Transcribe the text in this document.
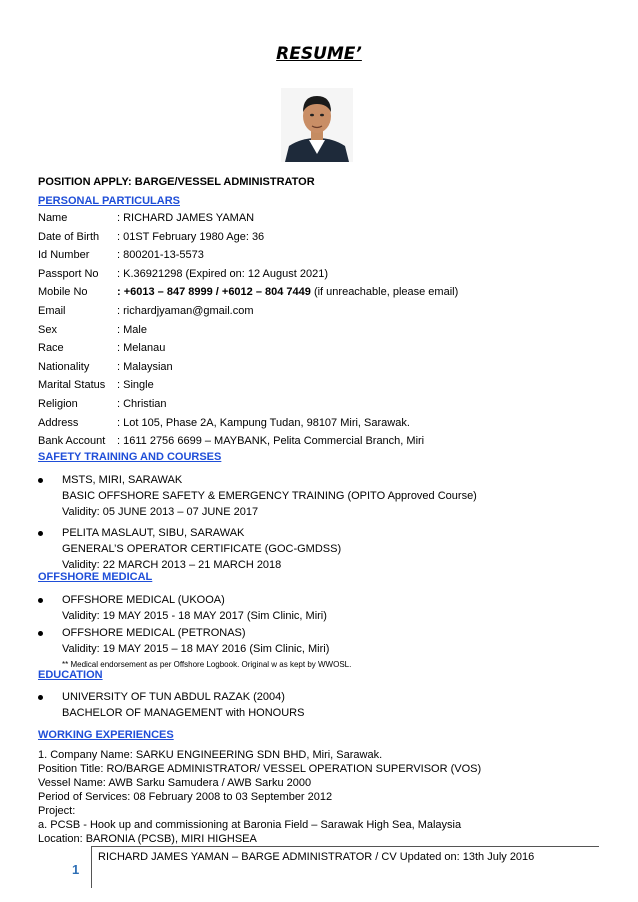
RESUME’
POSITION APPLY: BARGE/VESSEL ADMINISTRATOR
PERSONAL PARTICULARS
Name	: RICHARD JAMES YAMAN
Date of Birth : 01ST February 1980 Age: 36
Id Number	: 800201-13-5573
Passport No : K.36921298 (Expired on: 12 August 2021)
Mobile No	: +6013 – 847 8999 / +6012 – 804 7449 (if unreachable, please email)
Email	: richardjyaman@gmail.com
Sex	: Male
Race	: Melanau
Nationality	: Malaysian
Marital Status : Single
Religion	: Christian
Address	: Lot 105, Phase 2A, Kampung Tudan, 98107 Miri, Sarawak.
Bank Account : 1611 2756 6699 – MAYBANK, Pelita Commercial Branch, Miri
SAFETY TRAINING AND COURSES
MSTS, MIRI, SARAWAK
BASIC OFFSHORE SAFETY & EMERGENCY TRAINING (OPITO Approved Course)
Validity: 05 JUNE 2013 – 07 JUNE 2017
PELITA MASLAUT, SIBU, SARAWAK
GENERAL’S OPERATOR CERTIFICATE (GOC-GMDSS)
Validity: 22 MARCH 2013 – 21 MARCH 2018
OFFSHORE MEDICAL
OFFSHORE MEDICAL (UKOOA)
Validity: 19 MAY 2015 - 18 MAY 2017 (Sim Clinic, Miri)
OFFSHORE MEDICAL (PETRONAS)
Validity: 19 MAY 2015 – 18 MAY 2016 (Sim Clinic, Miri)
** Medical endorsement as per Offshore Logbook. Original w as kept by WWOSL.
EDUCATION
UNIVERSITY OF TUN ABDUL RAZAK (2004)
BACHELOR OF MANAGEMENT with HONOURS
WORKING EXPERIENCES
1. Company Name: SARKU ENGINEERING SDN BHD, Miri, Sarawak.
Position Title: RO/BARGE ADMINISTRATOR/ VESSEL OPERATION SUPERVISOR (VOS)
Vessel Name: AWB Sarku Samudera / AWB Sarku 2000
Period of Services: 08 February 2008 to 03 September 2012
Project:
a. PCSB - Hook up and commissioning at Baronia Field – Sarawak High Sea, Malaysia
Location: BARONIA (PCSB), MIRI HIGHSEA
1
RICHARD JAMES YAMAN – BARGE ADMINISTRATOR / CV Updated on: 13th July 2016
